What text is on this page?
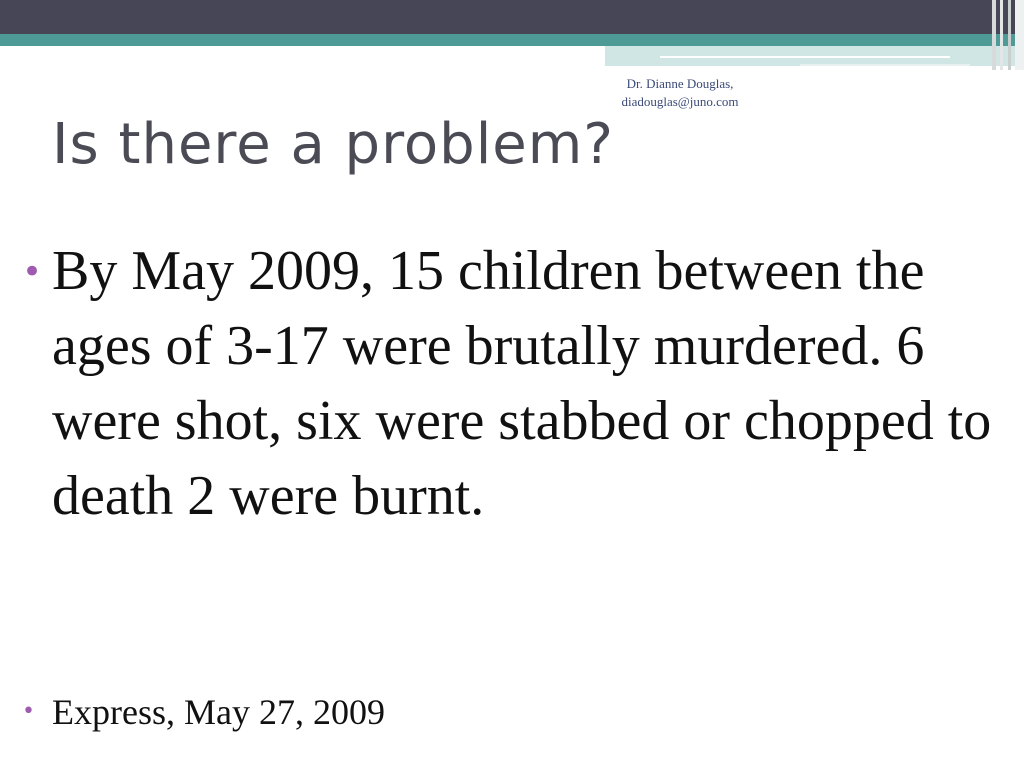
Dr. Dianne Douglas,
diadouglas@juno.com
Is there a problem?
• By May 2009, 15 children between the ages of 3-17 were brutally murdered. 6 were shot, six were stabbed or chopped to death 2 were burnt.
• Express, May 27, 2009
